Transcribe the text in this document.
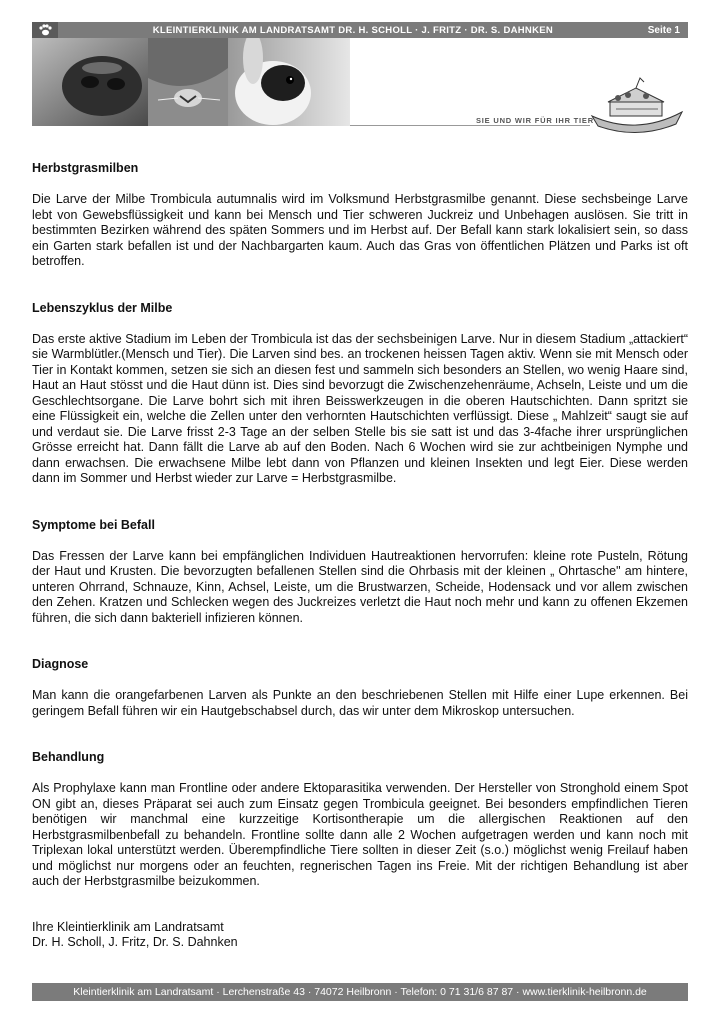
KLEINTIERKLINIK AM LANDRATSAMT DR. H. SCHOLL · J. FRITZ · DR. S. DAHNKEN	Seite 1
SIE UND WIR FÜR IHR TIER

Herbstgrasmilben

Die Larve der Milbe Trombicula autumnalis wird im Volksmund Herbstgrasmilbe genannt. Diese sechsbeinge Larve lebt von Gewebsflüssigkeit und kann bei Mensch und Tier schweren Juckreiz und Unbehagen auslösen. Sie tritt in bestimmten Bezirken während des späten Sommers und im Herbst auf. Der Befall kann stark lokalisiert sein, so dass ein Garten stark befallen ist und der Nachbargarten kaum. Auch das Gras von öffentlichen Plätzen und Parks ist oft betroffen.

Lebenszyklus der Milbe

Das erste aktive Stadium im Leben der Trombicula ist das der sechsbeinigen Larve. Nur in diesem Stadium „attackiert“ sie Warmblütler.(Mensch und Tier). Die Larven sind bes. an trockenen heissen Tagen aktiv. Wenn sie mit Mensch oder Tier in Kontakt kommen, setzen sie sich an diesen fest und sammeln sich besonders an Stellen, wo wenig Haare sind, Haut an Haut stösst und die Haut dünn ist. Dies sind bevorzugt die Zwischenzehenräume, Achseln, Leiste und um die Geschlechtsorgane. Die Larve bohrt sich mit ihren Beisswerkzeugen in die oberen Hautschichten. Dann spritzt sie eine Flüssigkeit ein, welche die Zellen unter den verhornten Hautschichten verflüssigt. Diese „ Mahlzeit“ saugt sie auf und verdaut sie. Die Larve frisst 2-3 Tage an der selben Stelle bis sie satt ist und das 3-4fache ihrer ursprünglichen Grösse erreicht hat. Dann fällt die Larve ab auf den Boden. Nach 6 Wochen wird sie zur achtbeinigen Nymphe und dann erwachsen. Die erwachsene Milbe lebt dann von Pflanzen und kleinen Insekten und legt Eier. Diese werden dann im Sommer und Herbst wieder zur Larve = Herbstgrasmilbe.

Symptome bei Befall

Das Fressen der Larve kann bei empfänglichen Individuen Hautreaktionen hervorrufen: kleine rote Pusteln, Rötung der Haut und Krusten. Die bevorzugten befallenen Stellen sind die Ohrbasis mit der kleinen „ Ohrtasche" am hintere, unteren Ohrrand, Schnauze, Kinn, Achsel, Leiste, um die Brustwarzen, Scheide, Hodensack und vor allem zwischen den Zehen. Kratzen und Schlecken wegen des Juckreizes verletzt die Haut noch mehr und kann zu offenen Ekzemen führen, die sich dann bakteriell infizieren können.

Diagnose

Man kann die orangefarbenen Larven als Punkte an den beschriebenen Stellen mit Hilfe einer Lupe erkennen. Bei geringem Befall führen wir ein Hautgebschabsel durch, das wir unter dem Mikroskop untersuchen.

Behandlung

Als Prophylaxe kann man Frontline oder andere Ektoparasitika verwenden. Der Hersteller von Stronghold einem Spot ON gibt an, dieses Präparat sei auch zum Einsatz gegen Trombicula geeignet. Bei besonders empfindlichen Tieren benötigen wir manchmal eine kurzzeitige Kortisontherapie um die allergischen Reaktionen auf den Herbstgrasmilbenbefall zu behandeln. Frontline sollte dann alle 2 Wochen aufgetragen werden und kann noch mit Triplexan lokal unterstützt werden. Überempfindliche Tiere sollten in dieser Zeit (s.o.) möglichst wenig Freilauf haben und möglichst nur morgens oder an feuchten, regnerischen Tagen ins Freie. Mit der richtigen Behandlung ist aber auch der Herbstgrasmilbe beizukommen.

Ihre Kleintierklinik am Landratsamt

Dr. H. Scholl, J. Fritz, Dr. S. Dahnken

Kleintierklinik am Landratsamt · Lerchenstraße 43 · 74072 Heilbronn · Telefon: 0 71 31/6 87 87 · www.tierklinik-heilbronn.de
